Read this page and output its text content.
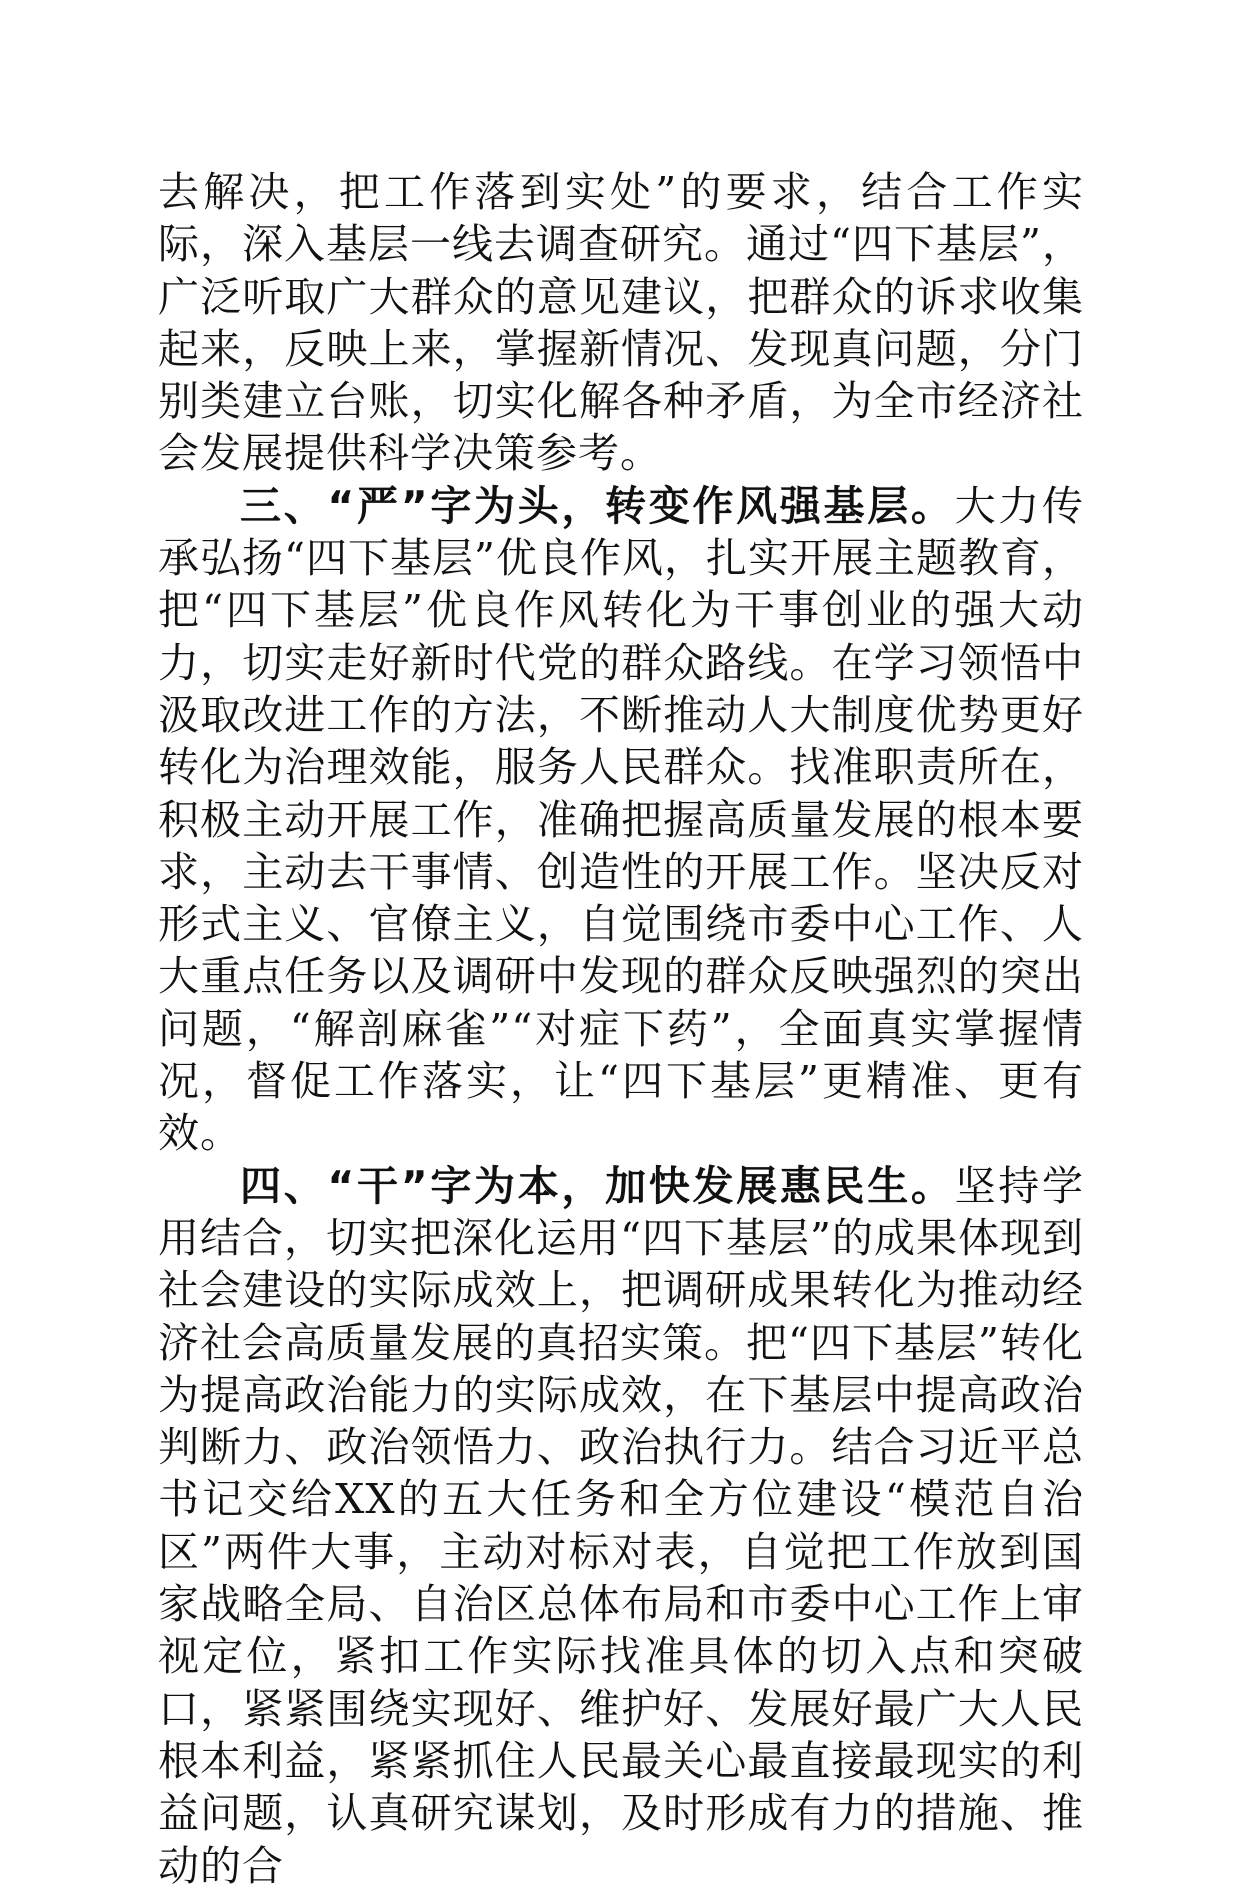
去解决，把工作落到实处”的要求，结合工作实际，深入基层一线去调查研究。通过“四下基层”，广泛听取广大群众的意见建议，把群众的诉求收集起来，反映上来，掌握新情况、发现真问题，分门别类建立台账，切实化解各种矛盾，为全市经济社会发展提供科学决策参考。

三、“严”字为头，转变作风强基层。大力传承弘扬“四下基层”优良作风，扎实开展主题教育，把“四下基层”优良作风转化为干事创业的强大动力，切实走好新时代党的群众路线。在学习领悟中汲取改进工作的方法，不断推动人大制度优势更好转化为治理效能，服务人民群众。找准职责所在，积极主动开展工作，准确把握高质量发展的根本要求，主动去干事情、创造性的开展工作。坚决反对形式主义、官僚主义，自觉围绕市委中心工作、人大重点任务以及调研中发现的群众反映强烈的突出问题，“解剖麻雀”“对症下药”，全面真实掌握情况，督促工作落实，让“四下基层”更精准、更有效。

四、“干”字为本，加快发展惠民生。坚持学用结合，切实把深化运用“四下基层”的成果体现到社会建设的实际成效上，把调研成果转化为推动经济社会高质量发展的真招实策。把“四下基层”转化为提高政治能力的实际成效，在下基层中提高政治判断力、政治领悟力、政治执行力。结合习近平总书记交给XX的五大任务和全方位建设“模范自治区”两件大事，主动对标对表，自觉把工作放到国家战略全局、自治区总体布局和市委中心工作上审视定位，紧扣工作实际找准具体的切入点和突破口，紧紧围绕实现好、维护好、发展好最广大人民根本利益，紧紧抓住人民最关心最直接最现实的利益问题，认真研究谋划，及时形成有力的措施、推动的合
